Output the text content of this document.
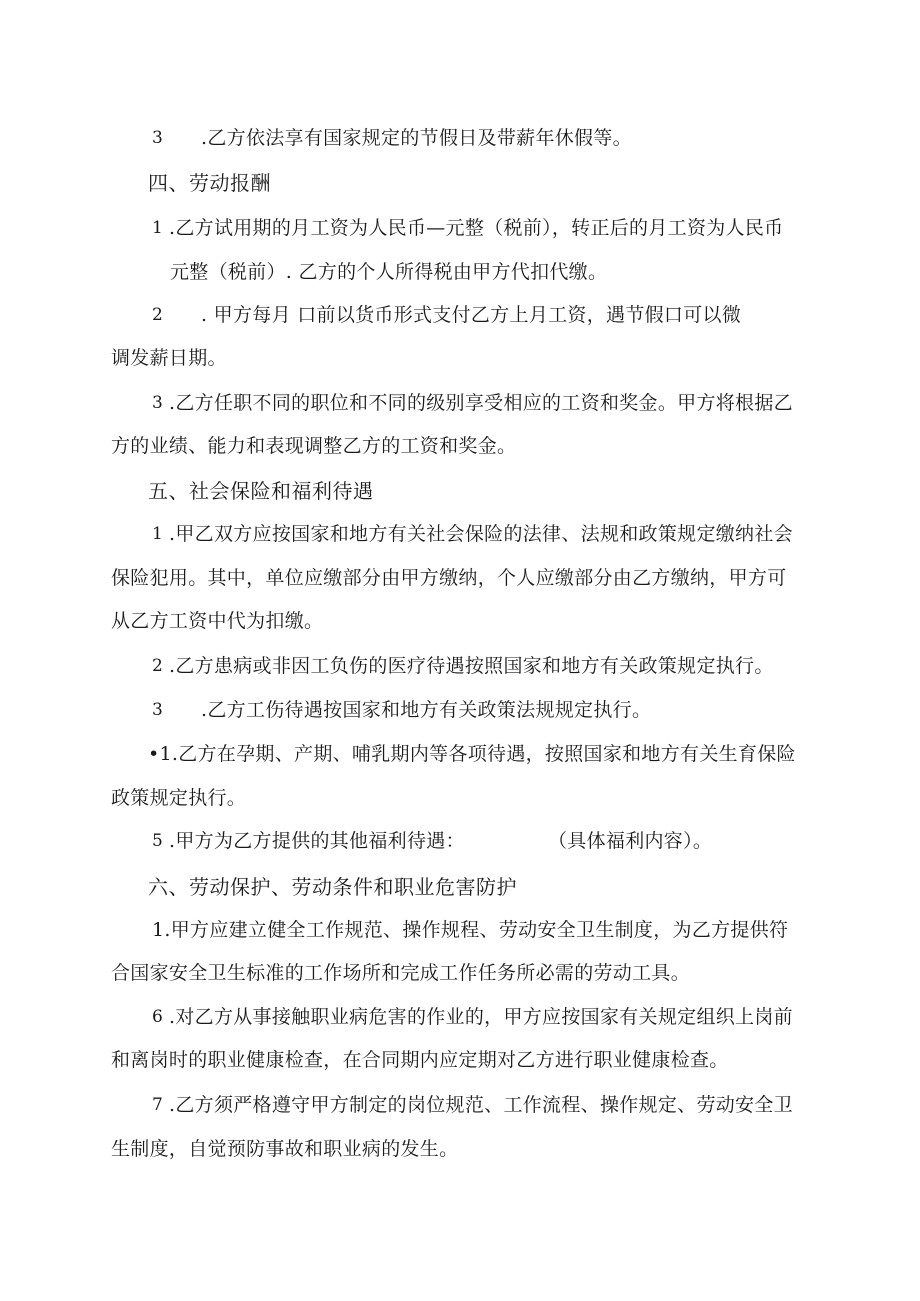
3 .乙方依法享有国家规定的节假日及带薪年休假等。
四、劳动报酬
1 .乙方试用期的月工资为人民币—元整（税前），转正后的月工资为人民币
元整（税前）. 乙方的个人所得税由甲方代扣代缴。
2 . 甲方每月 口前以货币形式支付乙方上月工资，遇节假口可以微
调发薪日期。
3 .乙方任职不同的职位和不同的级别享受相应的工资和奖金。甲方将根据乙
方的业绩、能力和表现调整乙方的工资和奖金。
五、社会保险和福利待遇
1 .甲乙双方应按国家和地方有关社会保险的法律、法规和政策规定缴纳社会
保险犯用。其中，单位应缴部分由甲方缴纳，个人应缴部分由乙方缴纳，甲方可
从乙方工资中代为扣缴。
2 .乙方患病或非因工负伤的医疗待遇按照国家和地方有关政策规定执行。
3 .乙方工伤待遇按国家和地方有关政策法规规定执行。
•1.乙方在孕期、产期、哺乳期内等各项待遇，按照国家和地方有关生育保险
政策规定执行。
5 .甲方为乙方提供的其他福利待遇：	（具体福利内容）。
六、劳动保护、劳动条件和职业危害防护
1.甲方应建立健全工作规范、操作规程、劳动安全卫生制度，为乙方提供符
合国家安全卫生标准的工作场所和完成工作任务所必需的劳动工具。
6 .对乙方从事接触职业病危害的作业的，甲方应按国家有关规定组织上岗前
和离岗时的职业健康检查，在合同期内应定期对乙方进行职业健康检查。
7 .乙方须严格遵守甲方制定的岗位规范、工作流程、操作规定、劳动安全卫
生制度，自觉预防事故和职业病的发生。
